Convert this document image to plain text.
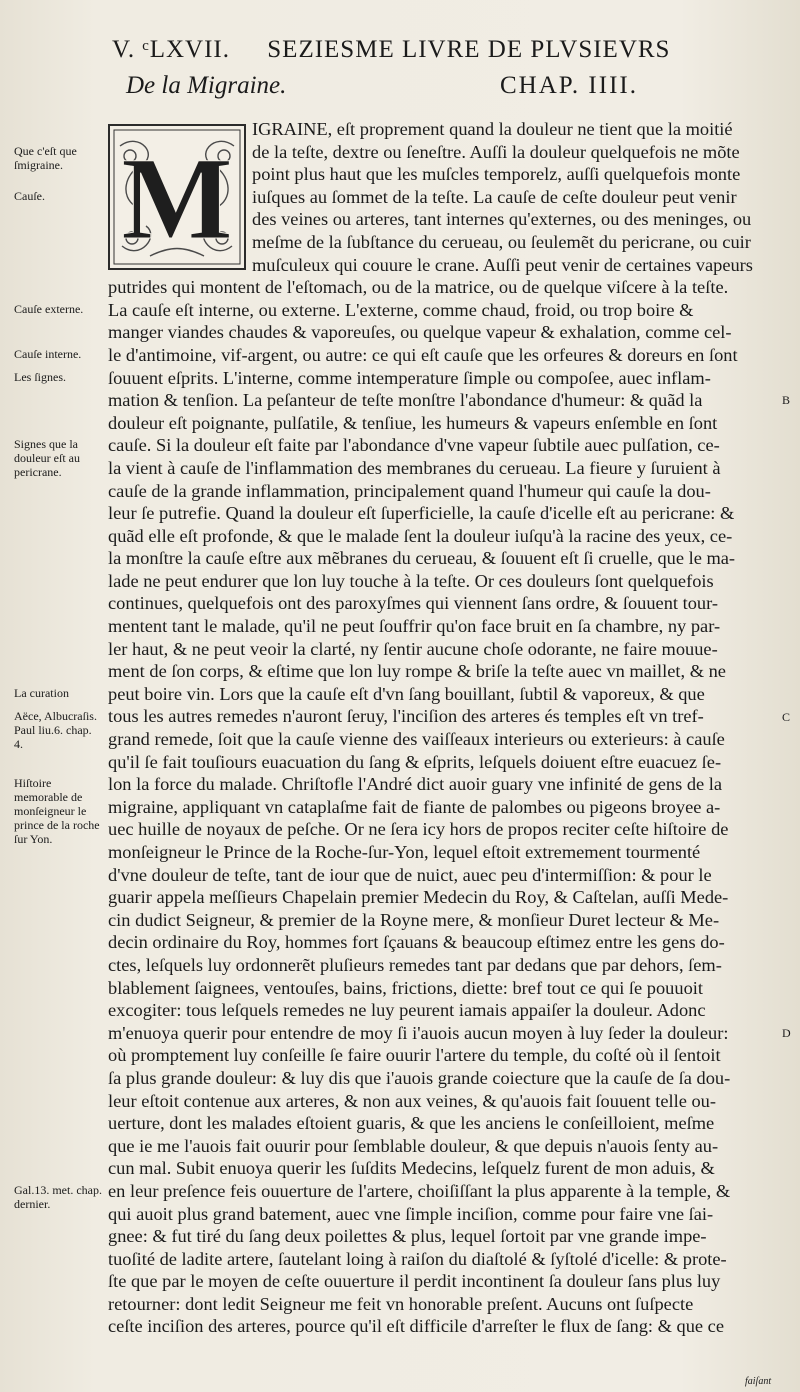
V. ᶜLXVII. SEZIESME LIVRE DE PLVSIEVRS
De la Migraine.	CHAP. IIII.
M
IGRAINE, eſt proprement quand la douleur ne tient que la moitié
de la teſte, dextre ou ſeneſtre. Auſſi la douleur quelquefois ne mõte
point plus haut que les muſcles temporelz, auſſi quelquefois monte
iuſques au ſommet de la teſte. La cauſe de ceſte douleur peut venir
des veines ou arteres, tant internes qu'externes, ou des meninges, ou
meſme de la ſubſtance du cerueau, ou ſeulemẽt du pericrane, ou cuir
muſculeux qui couure le crane. Auſſi peut venir de certaines vapeurs
putrides qui montent de l'eſtomach, ou de la matrice, ou de quelque viſcere à la teſte.
La cauſe eſt interne, ou externe. L'externe, comme chaud, froid, ou trop boire &
manger viandes chaudes & vaporeuſes, ou quelque vapeur & exhalation, comme cel-
le d'antimoine, vif-argent, ou autre: ce qui eſt cauſe que les orfeures & doreurs en ſont
ſouuent eſprits. L'interne, comme intemperature ſimple ou compoſee, auec inflam-
mation & tenſion. La peſanteur de teſte monſtre l'abondance d'humeur: & quãd la
douleur eſt poignante, pulſatile, & tenſiue, les humeurs & vapeurs enſemble en ſont
cauſe. Si la douleur eſt faite par l'abondance d'vne vapeur ſubtile auec pulſation, ce-
la vient à cauſe de l'inflammation des membranes du cerueau. La fieure y ſuruient à
cauſe de la grande inflammation, principalement quand l'humeur qui cauſe la dou-
leur ſe putrefie. Quand la douleur eſt ſuperficielle, la cauſe d'icelle eſt au pericrane: &
quãd elle eſt profonde, & que le malade ſent la douleur iuſqu'à la racine des yeux, ce-
la monſtre la cauſe eſtre aux mẽbranes du cerueau, & ſouuent eſt ſi cruelle, que le ma-
lade ne peut endurer que lon luy touche à la teſte. Or ces douleurs ſont quelquefois
continues, quelquefois ont des paroxyſmes qui viennent ſans ordre, & ſouuent tour-
mentent tant le malade, qu'il ne peut ſouffrir qu'on face bruit en ſa chambre, ny par-
ler haut, & ne peut veoir la clarté, ny ſentir aucune choſe odorante, ne faire mouue-
ment de ſon corps, & eſtime que lon luy rompe & briſe la teſte auec vn maillet, & ne
peut boire vin. Lors que la cauſe eſt d'vn ſang bouillant, ſubtil & vaporeux, & que
tous les autres remedes n'auront ſeruy, l'inciſion des arteres és temples eſt vn tref-
grand remede, ſoit que la cauſe vienne des vaiſſeaux interieurs ou exterieurs: à cauſe
qu'il ſe fait touſiours euacuation du ſang & eſprits, leſquels doiuent eſtre euacuez ſe-
lon la force du malade. Chriſtofle l'André dict auoir guary vne infinité de gens de la
migraine, appliquant vn cataplaſme fait de fiante de palombes ou pigeons broyee a-
uec huille de noyaux de peſche. Or ne ſera icy hors de propos reciter ceſte hiſtoire de
monſeigneur le Prince de la Roche-ſur-Yon, lequel eſtoit extremement tourmenté
d'vne douleur de teſte, tant de iour que de nuict, auec peu d'intermiſſion: & pour le
guarir appela meſſieurs Chapelain premier Medecin du Roy, & Caſtelan, auſſi Mede-
cin dudict Seigneur, & premier de la Royne mere, & monſieur Duret lecteur & Me-
decin ordinaire du Roy, hommes fort ſçauans & beaucoup eſtimez entre les gens do-
ctes, leſquels luy ordonnerẽt pluſieurs remedes tant par dedans que par dehors, ſem-
blablement ſaignees, ventouſes, bains, frictions, diette: bref tout ce qui ſe pouuoit
excogiter: tous leſquels remedes ne luy peurent iamais appaiſer la douleur. Adonc
m'enuoya querir pour entendre de moy ſi i'auois aucun moyen à luy ſeder la douleur:
où promptement luy conſeille ſe faire ouurir l'artere du temple, du coſté où il ſentoit
ſa plus grande douleur: & luy dis que i'auois grande coiecture que la cauſe de ſa dou-
leur eſtoit contenue aux arteres, & non aux veines, & qu'auois fait ſouuent telle ou-
uerture, dont les malades eſtoient guaris, & que les anciens le conſeilloient, meſme
que ie me l'auois fait ouurir pour ſemblable douleur, & que depuis n'auois ſenty au-
cun mal. Subit enuoya querir les ſuſdits Medecins, leſquelz furent de mon aduis, &
en leur preſence feis ouuerture de l'artere, choiſiſſant la plus apparente à la temple, &
qui auoit plus grand batement, auec vne ſimple inciſion, comme pour faire vne ſai-
gnee: & fut tiré du ſang deux poilettes & plus, lequel ſortoit par vne grande impe-
tuoſité de ladite artere, ſautelant loing à raiſon du diaſtolé & ſyſtolé d'icelle: & prote-
ſte que par le moyen de ceſte ouuerture il perdit incontinent ſa douleur ſans plus luy
retourner: dont ledit Seigneur me feit vn honorable preſent. Aucuns ont ſuſpecte
ceſte inciſion des arteres, pource qu'il eſt difficile d'arreſter le flux de ſang: & que ce
Que c'eſt que ſmigraine.
Cauſe.
Cauſe externe.
Cauſe interne.
Les ſignes.
Signes que la douleur eſt au pericrane.
La curation
Aëce, Albucraſis. Paul liu.6. chap. 4.
Hiſtoire memorable de monſeigneur le prince de la roche ſur Yon.
Gal.13. met. chap. dernier.
B
C
D
faiſant
